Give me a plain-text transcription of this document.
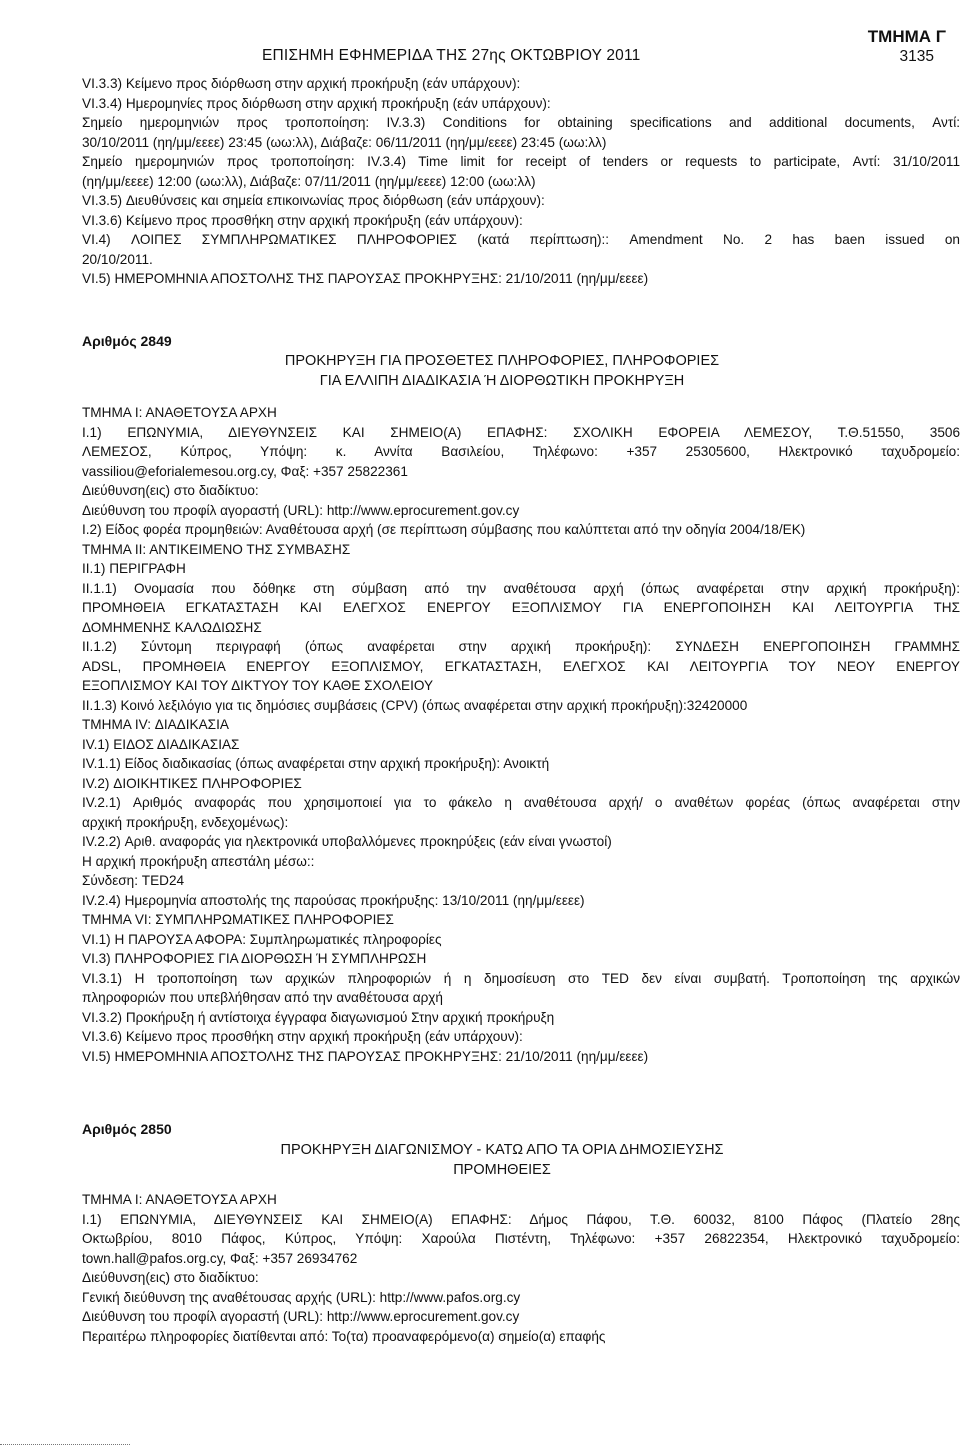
ΕΠΙΣΗΜΗ ΕΦΗΜΕΡΙΔΑ ΤΗΣ 27ης ΟΚΤΩΒΡΙΟΥ 2011
ΤΜΗΜΑ Γ
3135

VI.3.3) Κείμενο προς διόρθωση στην αρχική προκήρυξη (εάν υπάρχουν):

VI.3.4) Ημερομηνίες προς διόρθωση στην αρχική προκήρυξη (εάν υπάρχουν):

Σημείο ημερομηνιών προς τροποποίηση: IV.3.3) Conditions for obtaining specifications and additional documents, Αντί:

30/10/2011 (ηη/μμ/εεεε) 23:45 (ωω:λλ), Διάβαζε: 06/11/2011 (ηη/μμ/εεεε) 23:45 (ωω:λλ)

Σημείο ημερομηνιών προς τροποποίηση: IV.3.4) Time limit for receipt of tenders or requests to participate, Αντί: 31/10/2011

(ηη/μμ/εεεε) 12:00 (ωω:λλ), Διάβαζε: 07/11/2011 (ηη/μμ/εεεε) 12:00 (ωω:λλ)

VI.3.5) Διευθύνσεις και σημεία επικοινωνίας προς διόρθωση (εάν υπάρχουν):

VI.3.6) Κείμενο προς προσθήκη στην αρχική προκήρυξη (εάν υπάρχουν):

VI.4) ΛΟΙΠΕΣ ΣΥΜΠΛΗΡΩΜΑΤΙΚΕΣ ΠΛΗΡΟΦΟΡΙΕΣ (κατά περίπτωση):: Amendment No. 2 has baen issued on

20/10/2011.

VI.5) ΗΜΕΡΟΜΗΝΙΑ ΑΠΟΣΤΟΛΗΣ ΤΗΣ ΠΑΡΟΥΣΑΣ ΠΡΟΚΗΡΥΞΗΣ: 21/10/2011 (ηη/μμ/εεεε)

Αριθμός 2849
ΠΡΟΚΗΡΥΞΗ ΓΙΑ ΠΡΟΣΘΕΤΕΣ ΠΛΗΡΟΦΟΡΙΕΣ, ΠΛΗΡΟΦΟΡΙΕΣ
ΓΙΑ ΕΛΛΙΠΗ ΔΙΑΔΙΚΑΣΙΑ Ή ΔΙΟΡΘΩΤΙΚΗ ΠΡΟΚΗΡΥΞΗ

ΤΜΗΜΑ Ι: ΑΝΑΘΕΤΟΥΣΑ ΑΡΧΗ

I.1) ΕΠΩΝΥΜΙΑ, ΔΙΕΥΘΥΝΣΕΙΣ ΚΑΙ ΣΗΜΕΙΟ(Α) ΕΠΑΦΗΣ: ΣΧΟΛΙΚΗ ΕΦΟΡΕΙΑ ΛΕΜΕΣΟΥ, Τ.Θ.51550, 3506

ΛΕΜΕΣΟΣ, Κύπρος, Υπόψη: κ. Αννίτα Βασιλείου, Τηλέφωνο: +357 25305600, Ηλεκτρονικό ταχυδρομείο:

vassiliou@eforialemesou.org.cy, Φαξ: +357 25822361

Διεύθυνση(εις) στο διαδίκτυο:

Διεύθυνση του προφίλ αγοραστή (URL): http://www.eprocurement.gov.cy

I.2) Είδος φορέα προμηθειών: Αναθέτουσα αρχή (σε περίπτωση σύμβασης που καλύπτεται από την οδηγία 2004/18/ΕΚ)

ΤΜΗΜΑ ΙΙ: ΑΝΤΙΚΕΙΜΕΝΟ ΤΗΣ ΣΥΜΒΑΣΗΣ

II.1) ΠΕΡΙΓΡΑΦΗ

II.1.1) Ονομασία που δόθηκε στη σύμβαση από την αναθέτουσα αρχή (όπως αναφέρεται στην αρχική προκήρυξη):

ΠΡΟΜΗΘΕΙΑ ΕΓΚΑΤΑΣΤΑΣΗ ΚΑΙ ΕΛΕΓΧΟΣ ΕΝΕΡΓΟΥ ΕΞΟΠΛΙΣΜΟΥ ΓΙΑ ΕΝΕΡΓΟΠΟΙΗΣΗ ΚΑΙ ΛΕΙΤΟΥΡΓΙΑ ΤΗΣ

ΔΟΜΗΜΕΝΗΣ ΚΑΛΩΔΙΩΣΗΣ

II.1.2) Σύντομη περιγραφή (όπως αναφέρεται στην αρχική προκήρυξη): ΣΥΝΔΕΣΗ ΕΝΕΡΓΟΠΟΙΗΣΗ ΓΡΑΜΜΗΣ

ADSL, ΠΡΟΜΗΘΕΙΑ ΕΝΕΡΓΟΥ ΕΞΟΠΛΙΣΜΟΥ, ΕΓΚΑΤΑΣΤΑΣΗ, ΕΛΕΓΧΟΣ ΚΑΙ ΛΕΙΤΟΥΡΓΙΑ ΤΟΥ ΝΕΟΥ ΕΝΕΡΓΟΥ

ΕΞΟΠΛΙΣΜΟΥ ΚΑΙ ΤΟΥ ΔΙΚΤΥΟΥ ΤΟΥ ΚΑΘΕ ΣΧΟΛΕΙΟΥ

II.1.3) Κοινό λεξιλόγιο για τις δημόσιες συμβάσεις (CPV) (όπως αναφέρεται στην αρχική προκήρυξη):32420000

ΤΜΗΜΑ IV: ΔΙΑΔΙΚΑΣΙΑ

IV.1) ΕΙΔΟΣ ΔΙΑΔΙΚΑΣΙΑΣ

IV.1.1) Είδος διαδικασίας (όπως αναφέρεται στην αρχική προκήρυξη): Ανοικτή

IV.2) ΔΙΟΙΚΗΤΙΚΕΣ ΠΛΗΡΟΦΟΡΙΕΣ

IV.2.1) Αριθμός αναφοράς που χρησιμοποιεί για το φάκελο η αναθέτουσα αρχή/ ο αναθέτων φορέας (όπως αναφέρεται στην

αρχική προκήρυξη, ενδεχομένως):

IV.2.2) Αριθ. αναφοράς για ηλεκτρονικά υποβαλλόμενες προκηρύξεις (εάν είναι γνωστοί)

Η αρχική προκήρυξη απεστάλη μέσω::

Σύνδεση: TED24

IV.2.4) Ημερομηνία αποστολής της παρούσας προκήρυξης: 13/10/2011 (ηη/μμ/εεεε)

ΤΜΗΜΑ VI: ΣΥΜΠΛΗΡΩΜΑΤΙΚΕΣ ΠΛΗΡΟΦΟΡΙΕΣ

VI.1) Η ΠΑΡΟΥΣΑ ΑΦΟΡΑ: Συμπληρωματικές πληροφορίες

VI.3) ΠΛΗΡΟΦΟΡΙΕΣ ΓΙΑ ΔΙΟΡΘΩΣΗ Ή ΣΥΜΠΛΗΡΩΣΗ

VI.3.1) Η τροποποίηση των αρχικών πληροφοριών ή η δημοσίευση στο TED δεν είναι συμβατή. Τροποποίηση της αρχικών

πληροφοριών που υπεβλήθησαν από την αναθέτουσα αρχή

VI.3.2) Προκήρυξη ή αντίστοιχα έγγραφα διαγωνισμού Στην αρχική προκήρυξη

VI.3.6) Κείμενο προς προσθήκη στην αρχική προκήρυξη (εάν υπάρχουν):

VI.5) ΗΜΕΡΟΜΗΝΙΑ ΑΠΟΣΤΟΛΗΣ ΤΗΣ ΠΑΡΟΥΣΑΣ ΠΡΟΚΗΡΥΞΗΣ: 21/10/2011 (ηη/μμ/εεεε)

Αριθμός 2850
ΠΡΟΚΗΡΥΞΗ ΔΙΑΓΩΝΙΣΜΟΥ - ΚΑΤΩ ΑΠΟ ΤΑ ΟΡΙΑ ΔΗΜΟΣΙΕΥΣΗΣ
ΠΡΟΜΗΘΕΙΕΣ

ΤΜΗΜΑ Ι: ΑΝΑΘΕΤΟΥΣΑ ΑΡΧΗ

I.1) ΕΠΩΝΥΜΙΑ, ΔΙΕΥΘΥΝΣΕΙΣ ΚΑΙ ΣΗΜΕΙΟ(Α) ΕΠΑΦΗΣ: Δήμος Πάφου, Τ.Θ. 60032, 8100 Πάφος (Πλατείο 28ης

Οκτωβρίου, 8010 Πάφος, Κύπρος, Υπόψη: Χαρούλα Πιστέντη, Τηλέφωνο: +357 26822354, Ηλεκτρονικό ταχυδρομείο:

town.hall@pafos.org.cy, Φαξ: +357 26934762

Διεύθυνση(εις) στο διαδίκτυο:

Γενική διεύθυνση της αναθέτουσας αρχής (URL): http://www.pafos.org.cy

Διεύθυνση του προφίλ αγοραστή (URL): http://www.eprocurement.gov.cy

Περαιτέρω πληροφορίες διατίθενται από: Το(τα) προαναφερόμενο(α) σημείο(α) επαφής
